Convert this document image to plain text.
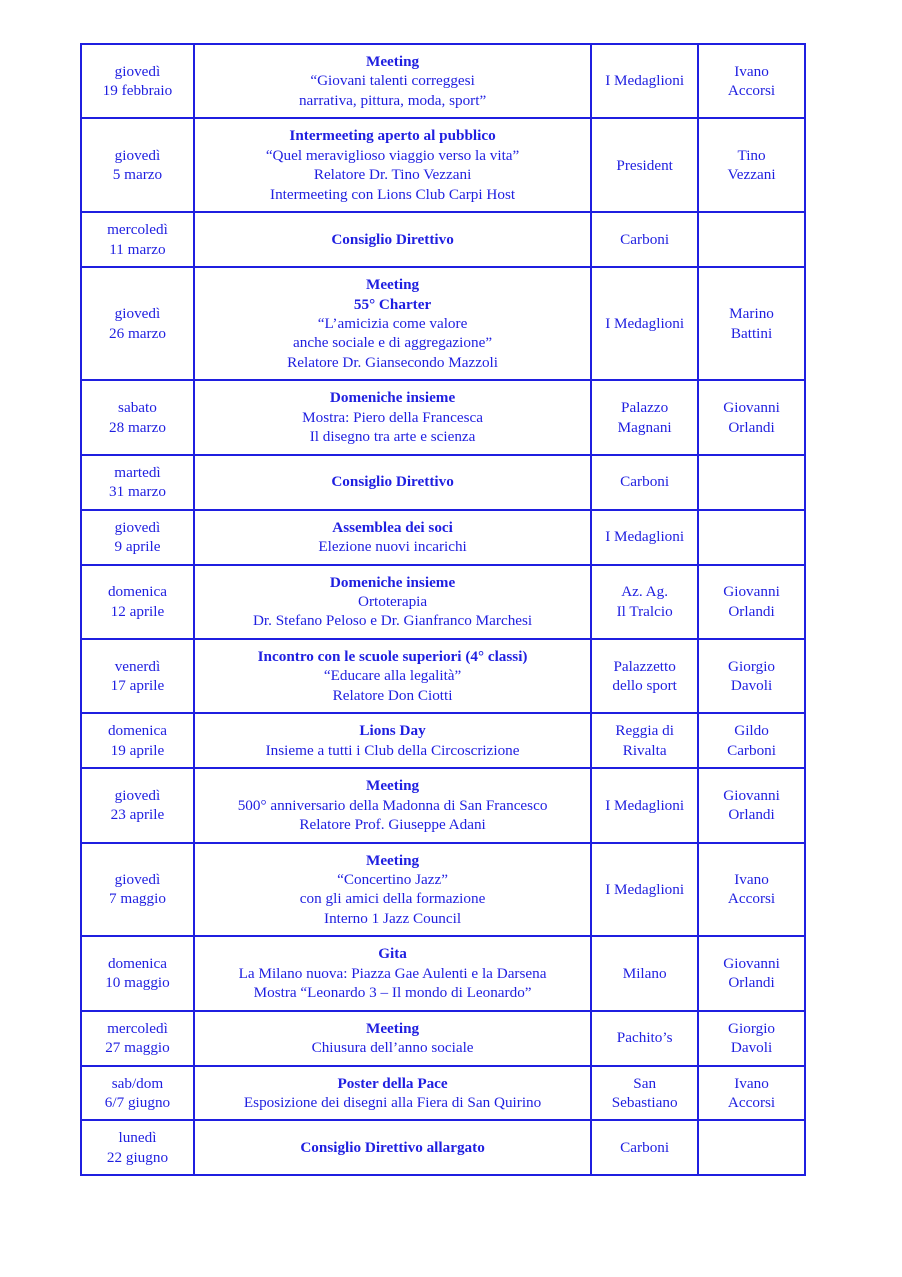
giovedì
19 febbraio	Meeting
“Giovani talenti correggesi
narrativa, pittura, moda, sport”	I Medaglioni	Ivano
Accorsi

giovedì
5 marzo	Intermeeting aperto al pubblico
“Quel meraviglioso viaggio verso la vita”
Relatore Dr. Tino Vezzani
Intermeeting con Lions Club Carpi Host	President	Tino
Vezzani

mercoledì
11 marzo	Consiglio Direttivo	Carboni	

giovedì
26 marzo	Meeting
55° Charter
“L’amicizia come valore
anche sociale e di aggregazione”
Relatore Dr. Giansecondo Mazzoli	I Medaglioni	Marino
Battini

sabato
28 marzo	Domeniche insieme
Mostra: Piero della Francesca
Il disegno tra arte e scienza	Palazzo
Magnani	Giovanni
Orlandi

martedì
31 marzo	Consiglio Direttivo	Carboni	

giovedì
9 aprile	Assemblea dei soci
Elezione nuovi incarichi	I Medaglioni	

domenica
12 aprile	Domeniche insieme
Ortoterapia
Dr. Stefano Peloso e Dr. Gianfranco Marchesi	Az. Ag.
Il Tralcio	Giovanni
Orlandi

venerdì
17 aprile	Incontro con le scuole superiori (4° classi)
“Educare alla legalità”
Relatore Don Ciotti	Palazzetto
dello sport	Giorgio
Davoli

domenica
19 aprile	Lions Day
Insieme a tutti i Club della Circoscrizione	Reggia di
Rivalta	Gildo
Carboni

giovedì
23 aprile	Meeting
500° anniversario della Madonna di San Francesco
Relatore Prof. Giuseppe Adani	I Medaglioni	Giovanni
Orlandi

giovedì
7 maggio	Meeting
“Concertino Jazz”
con gli amici della formazione
Interno 1 Jazz Council	I Medaglioni	Ivano
Accorsi

domenica
10 maggio	Gita
La Milano nuova: Piazza Gae Aulenti e la Darsena
Mostra “Leonardo 3 – Il mondo di Leonardo”	Milano	Giovanni
Orlandi

mercoledì
27 maggio	Meeting
Chiusura dell’anno sociale	Pachito’s	Giorgio
Davoli

sab/dom
6/7 giugno	Poster della Pace
Esposizione dei disegni alla Fiera di San Quirino	San
Sebastiano	Ivano
Accorsi

lunedì
22 giugno	Consiglio Direttivo allargato	Carboni	
